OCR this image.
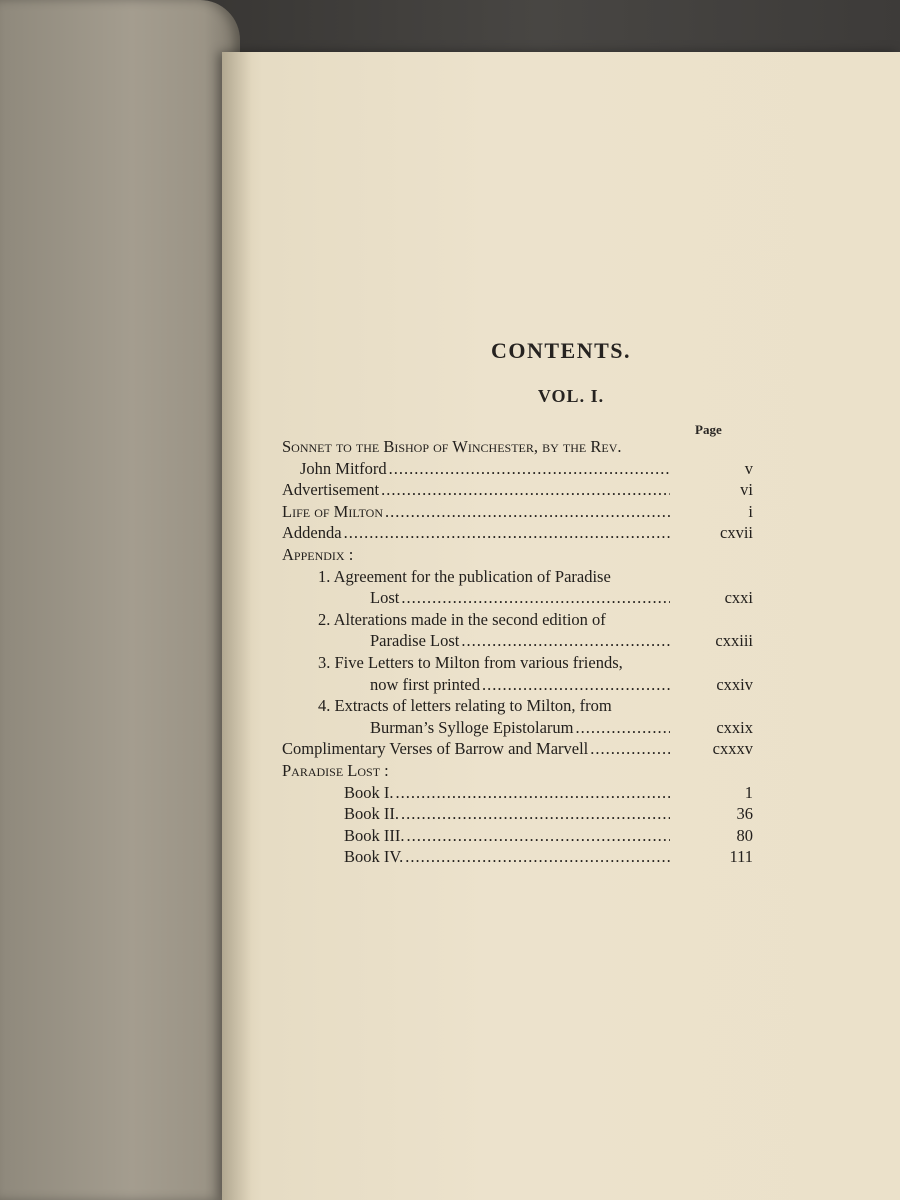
CONTENTS.
VOL. I.
Page
Sonnet to the Bishop of Winchester, by the Rev.
John Mitford .....	v
Advertisement .....	vi
Life of Milton .....	i
Addenda .....	cxvii
Appendix :
1. Agreement for the publication of Paradise
Lost .....	cxxi
2. Alterations made in the second edition of
Paradise Lost .....	cxxiii
3. Five Letters to Milton from various friends,
now first printed .....	cxxiv
4. Extracts of letters relating to Milton, from
Burman’s Sylloge Epistolarum .....	cxxix
Complimentary Verses of Barrow and Marvell .....	cxxxv
Paradise Lost :
Book I. .....	1
Book II. .....	36
Book III. .....	80
Book IV. .....	111
